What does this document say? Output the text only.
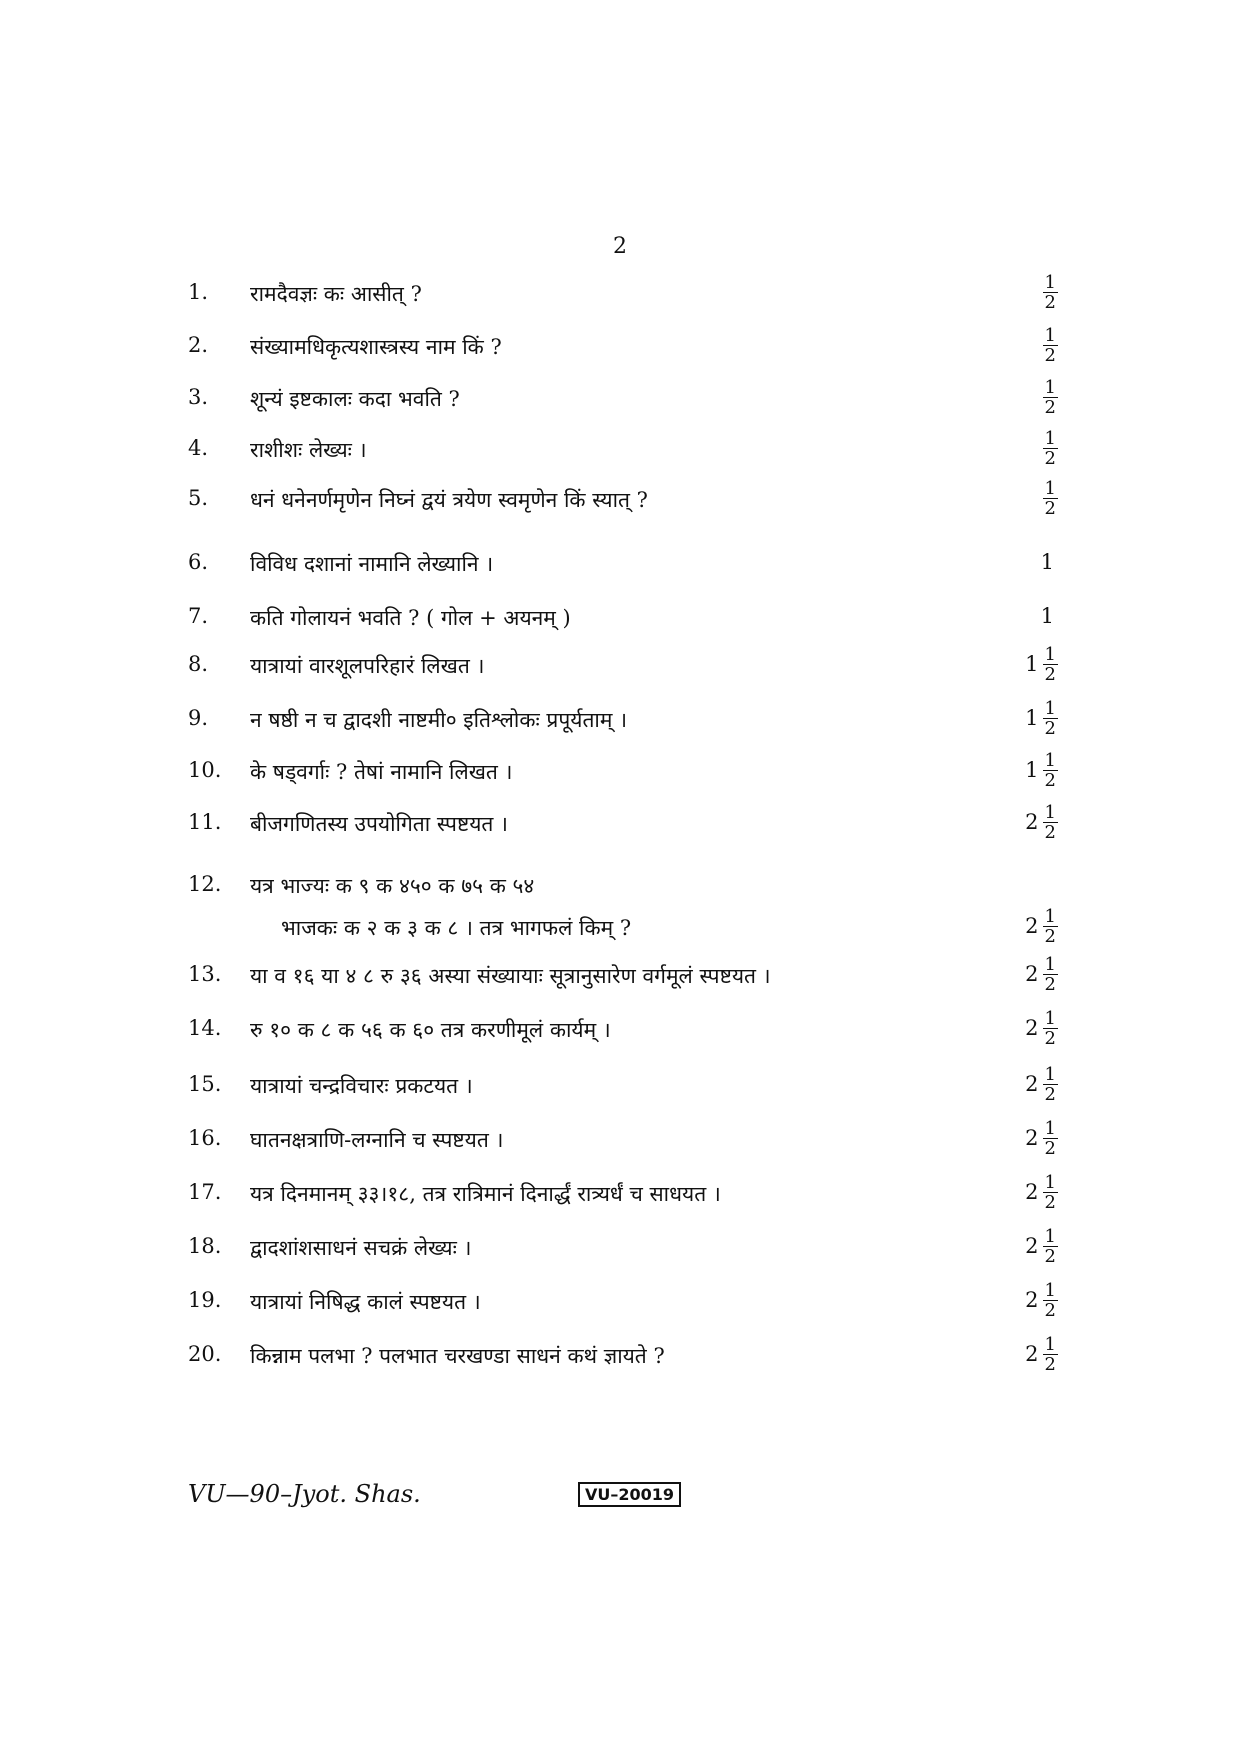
2
1.	रामदैवज्ञः कः आसीत् ?	$\frac{1}{2}$
2.	संख्यामधिकृत्यशास्त्रस्य नाम किं ?	$\frac{1}{2}$
3.	शून्यं इष्टकालः कदा भवति ?	$\frac{1}{2}$
4.	राशीशः लेख्यः ।	$\frac{1}{2}$
5.	धनं धनेनर्णमृणेन निघ्नं द्वयं त्रयेण स्वमृणेन किं स्यात् ?	$\frac{1}{2}$
6.	विविध दशानां नामानि लेख्यानि ।	1
7.	कति गोलायनं भवति ? ( गोल + अयनम् )	1
8.	यात्रायां वारशूलपरिहारं लिखत ।	$1 \frac{1}{2}$
9.	न षष्ठी न च द्वादशी नाष्टमी० इतिश्लोकः प्रपूर्यताम् ।	$1 \frac{1}{2}$
10.	के षड्वर्गाः ? तेषां नामानि लिखत ।	$1 \frac{1}{2}$
11.	बीजगणितस्य उपयोगिता स्पष्टयत ।	$2 \frac{1}{2}$
12.	यत्र भाज्यः क ९ क ४५० क ७५ क ५४
भाजकः क २ क ३ क ८ । तत्र भागफलं किम् ?	$2 \frac{1}{2}$
13.	या व १६ या ४ ८ रु ३६ अस्या संख्यायाः सूत्रानुसारेण वर्गमूलं स्पष्टयत ।	$2 \frac{1}{2}$
14.	रु १० क ८ क ५६ क ६० तत्र करणीमूलं कार्यम् ।	$2 \frac{1}{2}$
15.	यात्रायां चन्द्रविचारः प्रकटयत ।	$2 \frac{1}{2}$
16.	घातनक्षत्राणि-लग्नानि च स्पष्टयत ।	$2 \frac{1}{2}$
17.	यत्र दिनमानम् ३३।१८, तत्र रात्रिमानं दिनार्द्धं रात्र्यर्धं च साधयत ।	$2 \frac{1}{2}$
18.	द्वादशांशसाधनं सचक्रं लेख्यः ।	$2 \frac{1}{2}$
19.	यात्रायां निषिद्ध कालं स्पष्टयत ।	$2 \frac{1}{2}$
20.	किन्नाम पलभा ? पलभात चरखण्डा साधनं कथं ज्ञायते ?	$2 \frac{1}{2}$
VU—90–Jyot. Shas.	VU–20019
